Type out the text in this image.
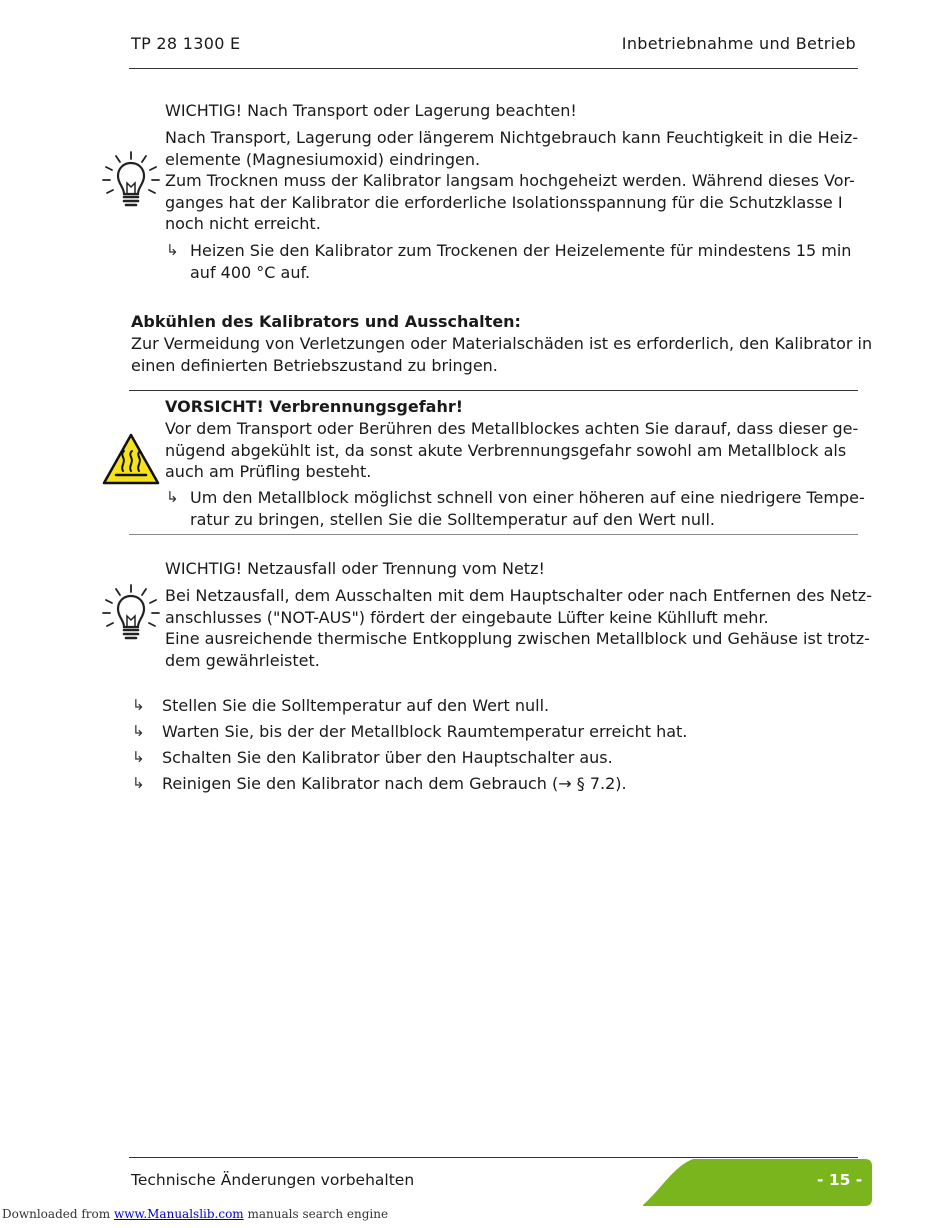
TP 28 1300 E	Inbetriebnahme und Betrieb
WICHTIG! Nach Transport oder Lagerung beachten!
Nach Transport, Lagerung oder längerem Nichtgebrauch kann Feuchtigkeit in die Heiz-
elemente (Magnesiumoxid) eindringen.
Zum Trocknen muss der Kalibrator langsam hochgeheizt werden. Während dieses Vor-
ganges hat der Kalibrator die erforderliche Isolationsspannung für die Schutzklasse I
noch nicht erreicht.
↳ Heizen Sie den Kalibrator zum Trockenen der Heizelemente für mindestens 15 min
auf 400 °C auf.
Abkühlen des Kalibrators und Ausschalten:
Zur Vermeidung von Verletzungen oder Materialschäden ist es erforderlich, den Kalibrator in
einen definierten Betriebszustand zu bringen.
VORSICHT! Verbrennungsgefahr!
Vor dem Transport oder Berühren des Metallblockes achten Sie darauf, dass dieser ge-
nügend abgekühlt ist, da sonst akute Verbrennungsgefahr sowohl am Metallblock als
auch am Prüfling besteht.
↳ Um den Metallblock möglichst schnell von einer höheren auf eine niedrigere Tempe-
ratur zu bringen, stellen Sie die Solltemperatur auf den Wert null.
WICHTIG! Netzausfall oder Trennung vom Netz!
Bei Netzausfall, dem Ausschalten mit dem Hauptschalter oder nach Entfernen des Netz-
anschlusses ("NOT-AUS") fördert der eingebaute Lüfter keine Kühlluft mehr.
Eine ausreichende thermische Entkopplung zwischen Metallblock und Gehäuse ist trotz-
dem gewährleistet.
↳ Stellen Sie die Solltemperatur auf den Wert null.
↳ Warten Sie, bis der der Metallblock Raumtemperatur erreicht hat.
↳ Schalten Sie den Kalibrator über den Hauptschalter aus.
↳ Reinigen Sie den Kalibrator nach dem Gebrauch (→ § 7.2).
Technische Änderungen vorbehalten	- 15 -
Downloaded from www.Manualslib.com manuals search engine
